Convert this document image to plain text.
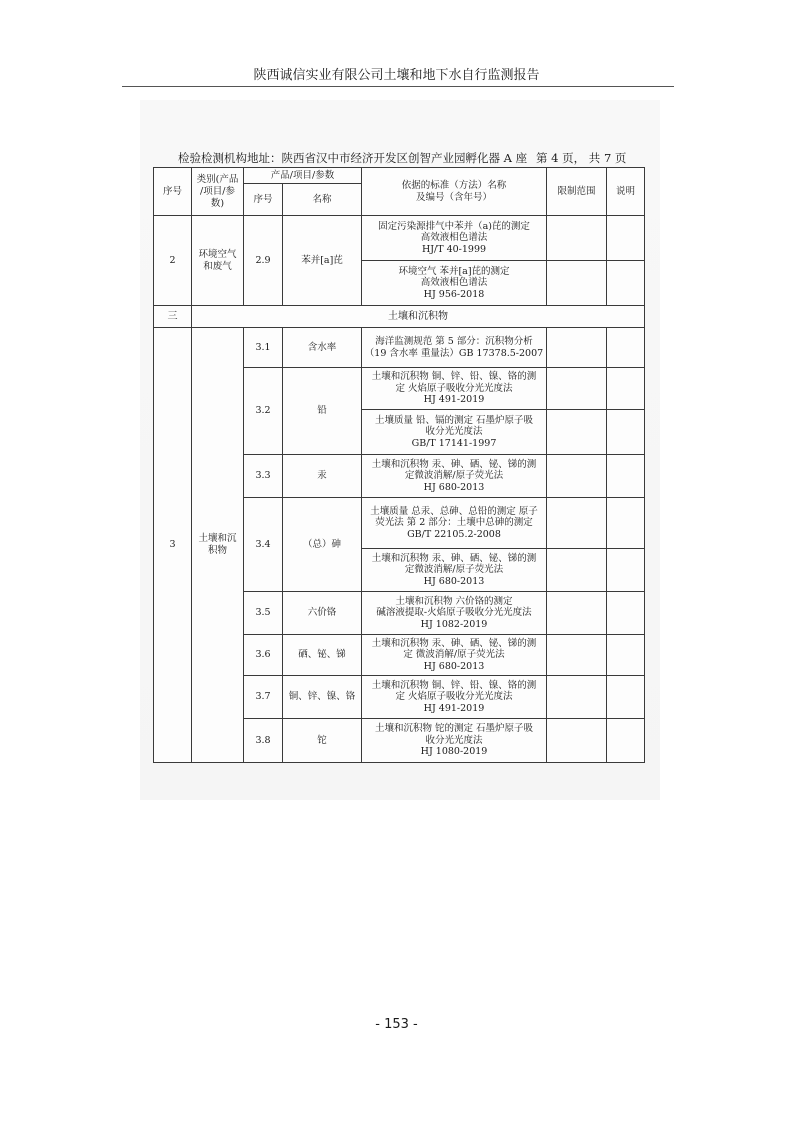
陕西诚信实业有限公司土壤和地下水自行监测报告
检验检测机构地址：陕西省汉中市经济开发区创智产业园孵化器 A 座 第 4 页， 共 7 页
序号	类别(产品
/项目/参
数)	产品/项目/参数		依据的标准（方法）名称
及编号（含年号）	限制范围	说明
		序号	名称			
2	环境空气
和废气	2.9	苯并[a]芘	固定污染源排气中苯并（a)芘的测定
高效液相色谱法
HJ/T 40-1999		

				环境空气 苯并[a]芘的测定
高效液相色谱法
HJ 956-2018		

三	土壤和沉积物					
3	土壤和沉
积物	3.1	含水率	海洋监测规范 第 5 部分：沉积物分析
（19 含水率 重量法）GB 17378.5-2007		

		3.2	铅	土壤和沉积物 铜、锌、铅、镍、铬的测
定 火焰原子吸收分光光度法
HJ 491-2019		

				土壤质量 铅、镉的测定 石墨炉原子吸
收分光光度法
GB/T 17141-1997		

		3.3	汞	土壤和沉积物 汞、砷、硒、铋、锑的测
定微波消解/原子荧光法
HJ 680-2013		

		3.4	（总）砷	土壤质量 总汞、总砷、总铅的测定 原子
荧光法 第 2 部分：土壤中总砷的测定
GB/T 22105.2-2008		

				土壤和沉积物 汞、砷、硒、铋、锑的测
定微波消解/原子荧光法
HJ 680-2013		

		3.5	六价铬	土壤和沉积物 六价铬的测定
碱溶液提取-火焰原子吸收分光光度法
HJ 1082-2019		

		3.6	硒、铋、锑	土壤和沉积物 汞、砷、硒、铋、锑的测
定 微波消解/原子荧光法
HJ 680-2013		

		3.7	铜、锌、镍、铬	土壤和沉积物 铜、锌、铅、镍、铬的测
定 火焰原子吸收分光光度法
HJ 491-2019		

		3.8	铊	土壤和沉积物 铊的测定 石墨炉原子吸
收分光光度法
HJ 1080-2019		

- 153 -
